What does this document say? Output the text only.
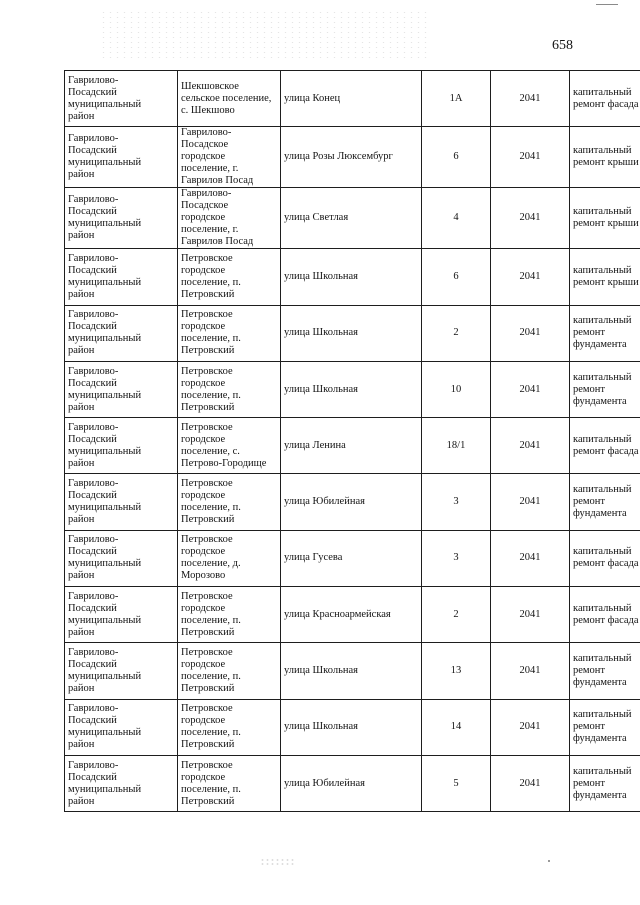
658
Гаврилово-
Посадский
муниципальный
район	Шекшовское
сельское поселение,
с. Шекшово	улица Конец	1А	2041	капитальный
ремонт фасада

Гаврилово-
Посадский
муниципальный
район	Гаврилово-
Посадское
городское
поселение, г.
Гаврилов Посад	улица Розы Люксембург	6	2041	капитальный
ремонт крыши

Гаврилово-
Посадский
муниципальный
район	Гаврилово-
Посадское
городское
поселение, г.
Гаврилов Посад	улица Светлая	4	2041	капитальный
ремонт крыши

Гаврилово-
Посадский
муниципальный
район	Петровское
городское
поселение, п.
Петровский	улица Школьная	6	2041	капитальный
ремонт крыши

Гаврилово-
Посадский
муниципальный
район	Петровское
городское
поселение, п.
Петровский	улица Школьная	2	2041	капитальный
ремонт
фундамента

Гаврилово-
Посадский
муниципальный
район	Петровское
городское
поселение, п.
Петровский	улица Школьная	10	2041	капитальный
ремонт
фундамента

Гаврилово-
Посадский
муниципальный
район	Петровское
городское
поселение, с.
Петрово-Городище	улица Ленина	18/1	2041	капитальный
ремонт фасада

Гаврилово-
Посадский
муниципальный
район	Петровское
городское
поселение, п.
Петровский	улица Юбилейная	3	2041	капитальный
ремонт
фундамента

Гаврилово-
Посадский
муниципальный
район	Петровское
городское
поселение, д.
Морозово	улица Гусева	3	2041	капитальный
ремонт фасада

Гаврилово-
Посадский
муниципальный
район	Петровское
городское
поселение, п.
Петровский	улица Красноармейская	2	2041	капитальный
ремонт фасада

Гаврилово-
Посадский
муниципальный
район	Петровское
городское
поселение, п.
Петровский	улица Школьная	13	2041	капитальный
ремонт
фундамента

Гаврилово-
Посадский
муниципальный
район	Петровское
городское
поселение, п.
Петровский	улица Школьная	14	2041	капитальный
ремонт
фундамента

Гаврилово-
Посадский
муниципальный
район	Петровское
городское
поселение, п.
Петровский	улица Юбилейная	5	2041	капитальный
ремонт
фундамента
